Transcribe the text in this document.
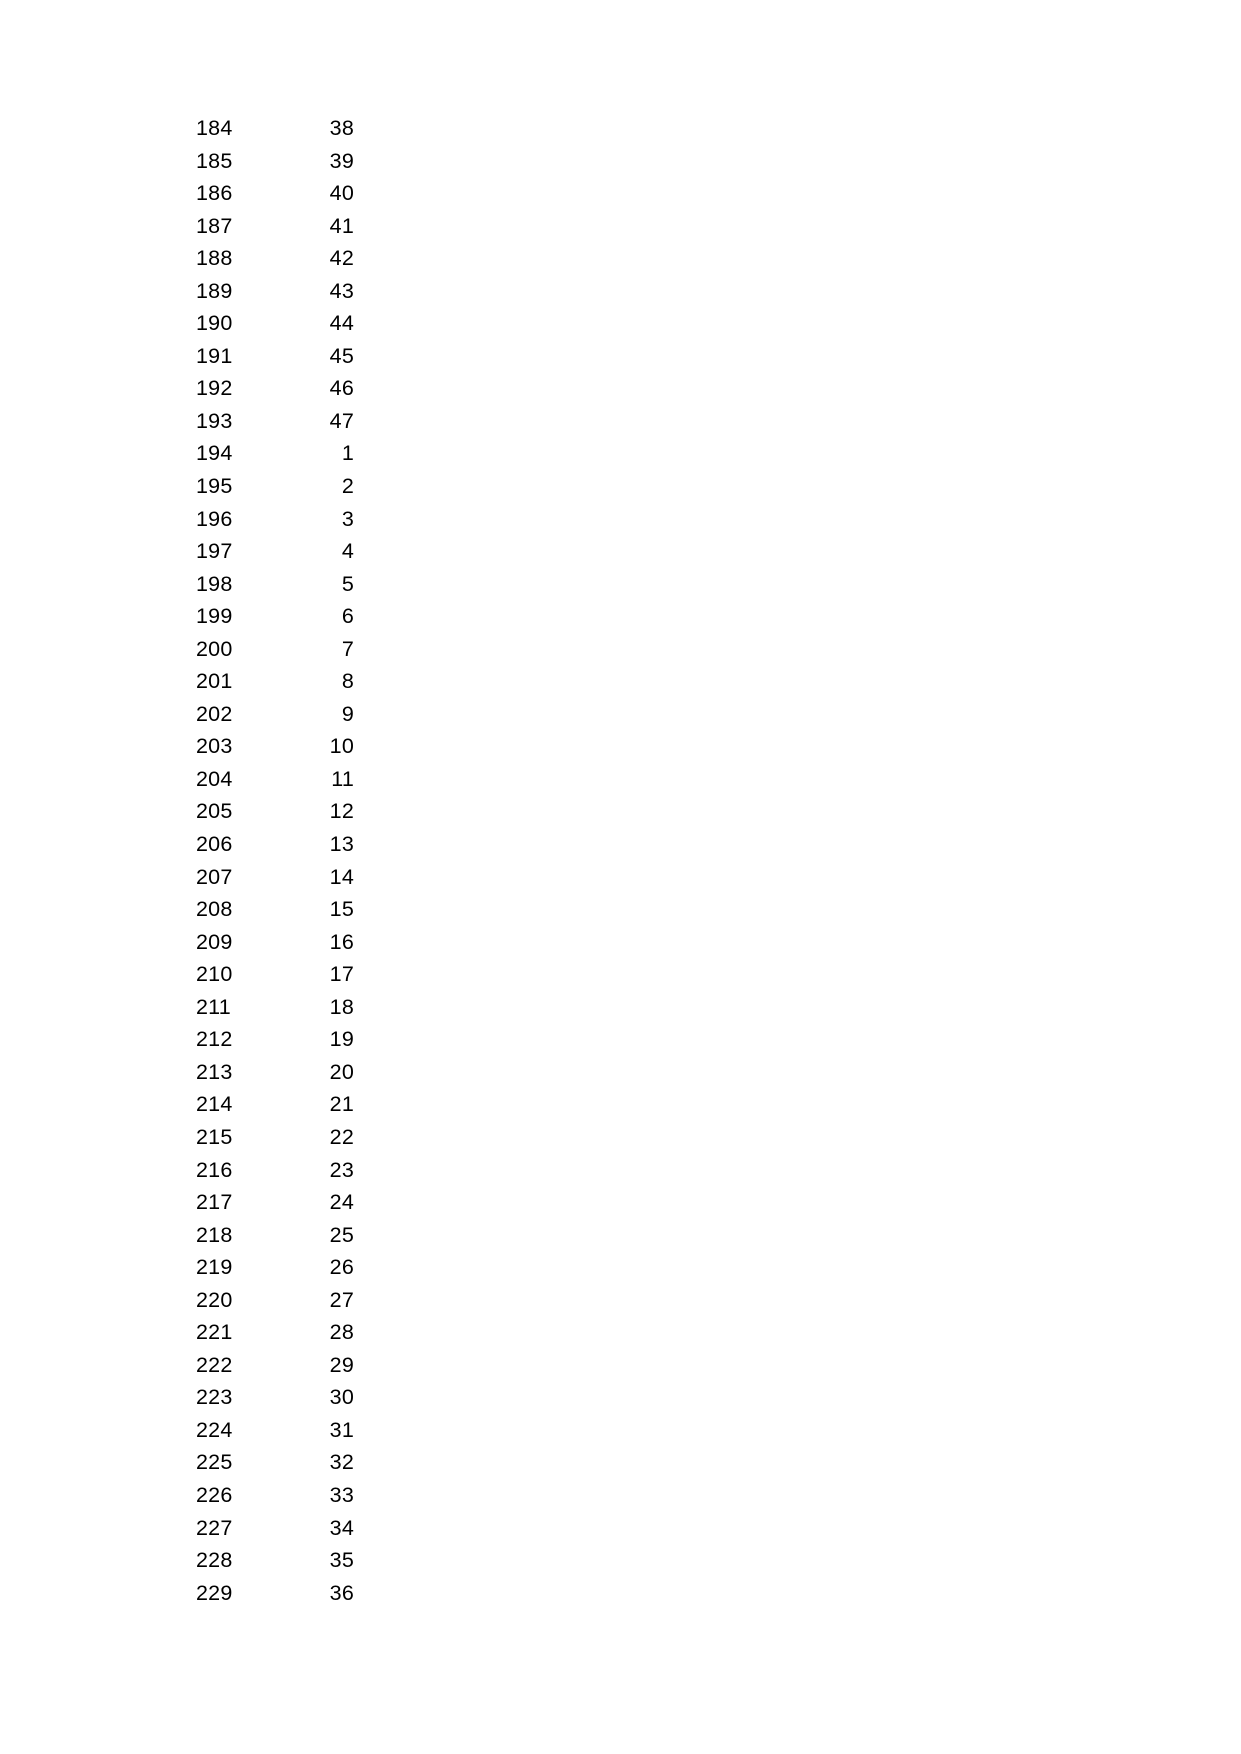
184	38
185	39
186	40
187	41
188	42
189	43
190	44
191	45
192	46
193	47
194	1
195	2
196	3
197	4
198	5
199	6
200	7
201	8
202	9
203	10
204	11
205	12
206	13
207	14
208	15
209	16
210	17
211	18
212	19
213	20
214	21
215	22
216	23
217	24
218	25
219	26
220	27
221	28
222	29
223	30
224	31
225	32
226	33
227	34
228	35
229	36
